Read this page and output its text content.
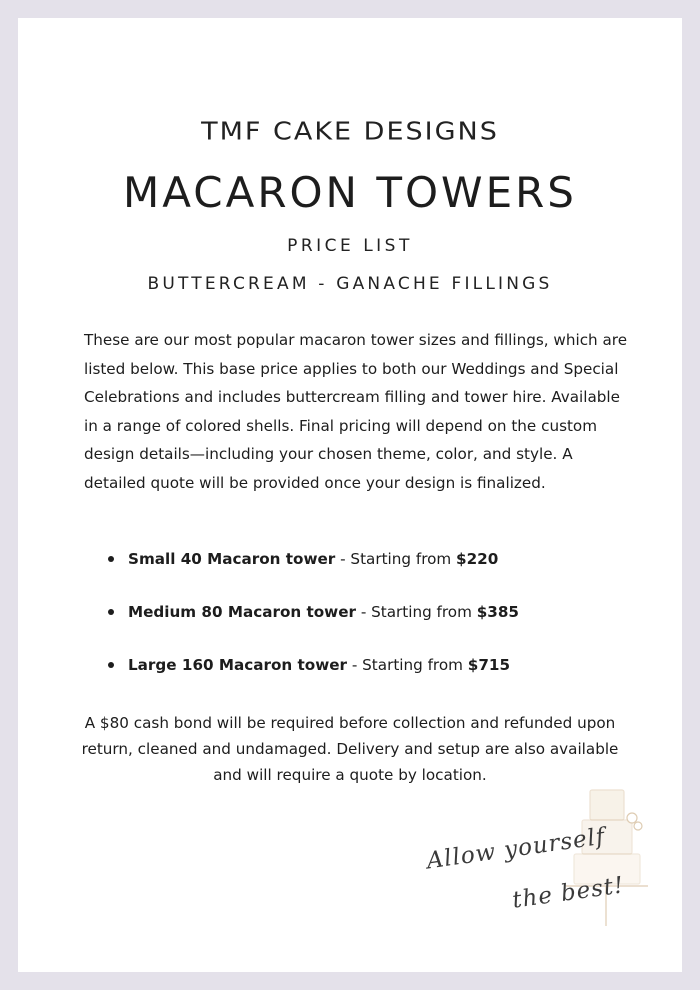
TMF CAKE DESIGNS
MACARON TOWERS
PRICE LIST
BUTTERCREAM - GANACHE FILLINGS
These are our most popular macaron tower sizes and fillings, which are listed below. This base price applies to both our Weddings and Special Celebrations and includes buttercream filling and tower hire. Available in a range of colored shells. Final pricing will depend on the custom design details—including your chosen theme, color, and style. A detailed quote will be provided once your design is finalized.
Small 40 Macaron tower - Starting from $220
Medium 80 Macaron tower - Starting from $385
Large 160 Macaron tower - Starting from $715
A $80 cash bond will be required before collection and refunded upon return, cleaned and undamaged. Delivery and setup are also available and will require a quote by location.
Allow yourself
the best!
